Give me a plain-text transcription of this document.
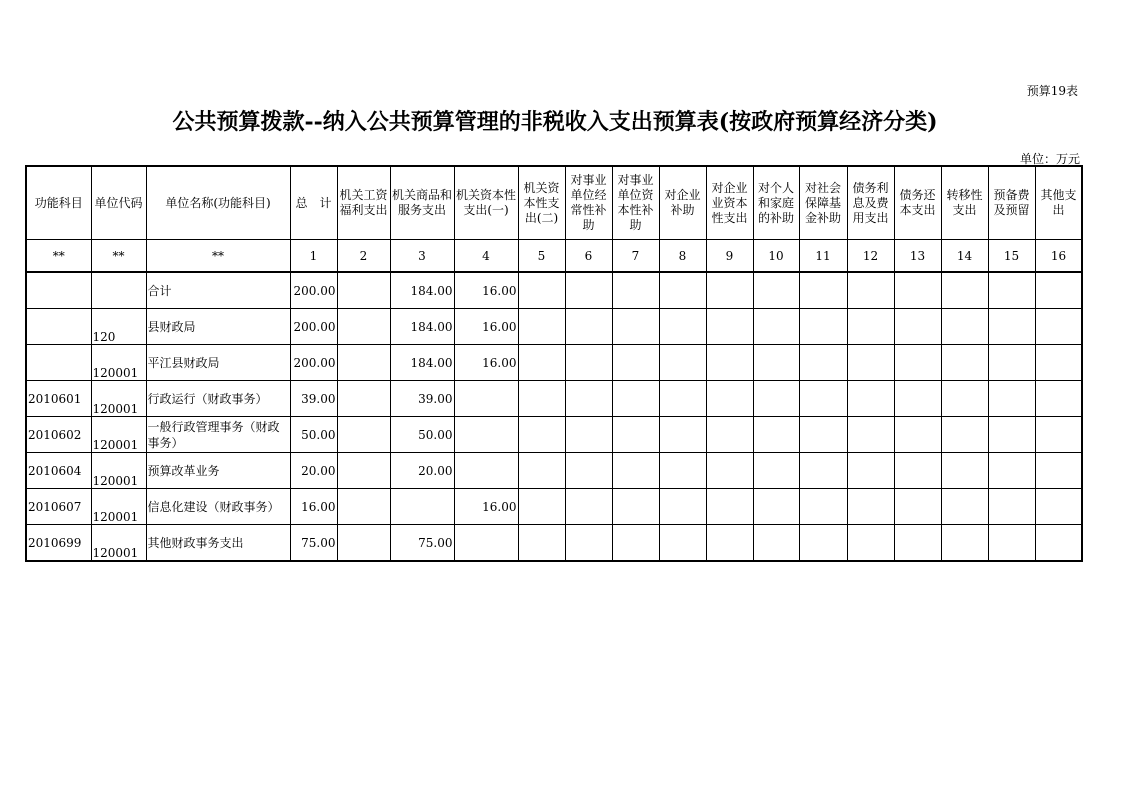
预算19表
公共预算拨款--纳入公共预算管理的非税收入支出预算表(按政府预算经济分类)
单位：万元
功能科目	单位代码	单位名称(功能科目)	总　计	机关工资福利支出	机关商品和服务支出	机关资本性支出(一)	机关资本性支出(二)	对事业单位经常性补助	对事业单位资本性补助	对企业补助	对企业业资本性支出	对个人和家庭的补助	对社会保障基金补助	债务利息及费用支出	债务还本支出	转移性支出	预备费及预留	其他支出	
**	**	**	1	2	3	4	5	6	7	8	9	10	11	12	13	14	15	16	
		合计	200.00		184.00	16.00													
	120	县财政局	200.00		184.00	16.00													
	120001	平江县财政局	200.00		184.00	16.00													
2010601	120001	行政运行（财政事务）	39.00		39.00														
2010602	120001	一般行政管理事务（财政事务）	50.00		50.00														
2010604	120001	预算改革业务	20.00		20.00														
2010607	120001	信息化建设（财政事务）	16.00			16.00													
2010699	120001	其他财政事务支出	75.00		75.00														
